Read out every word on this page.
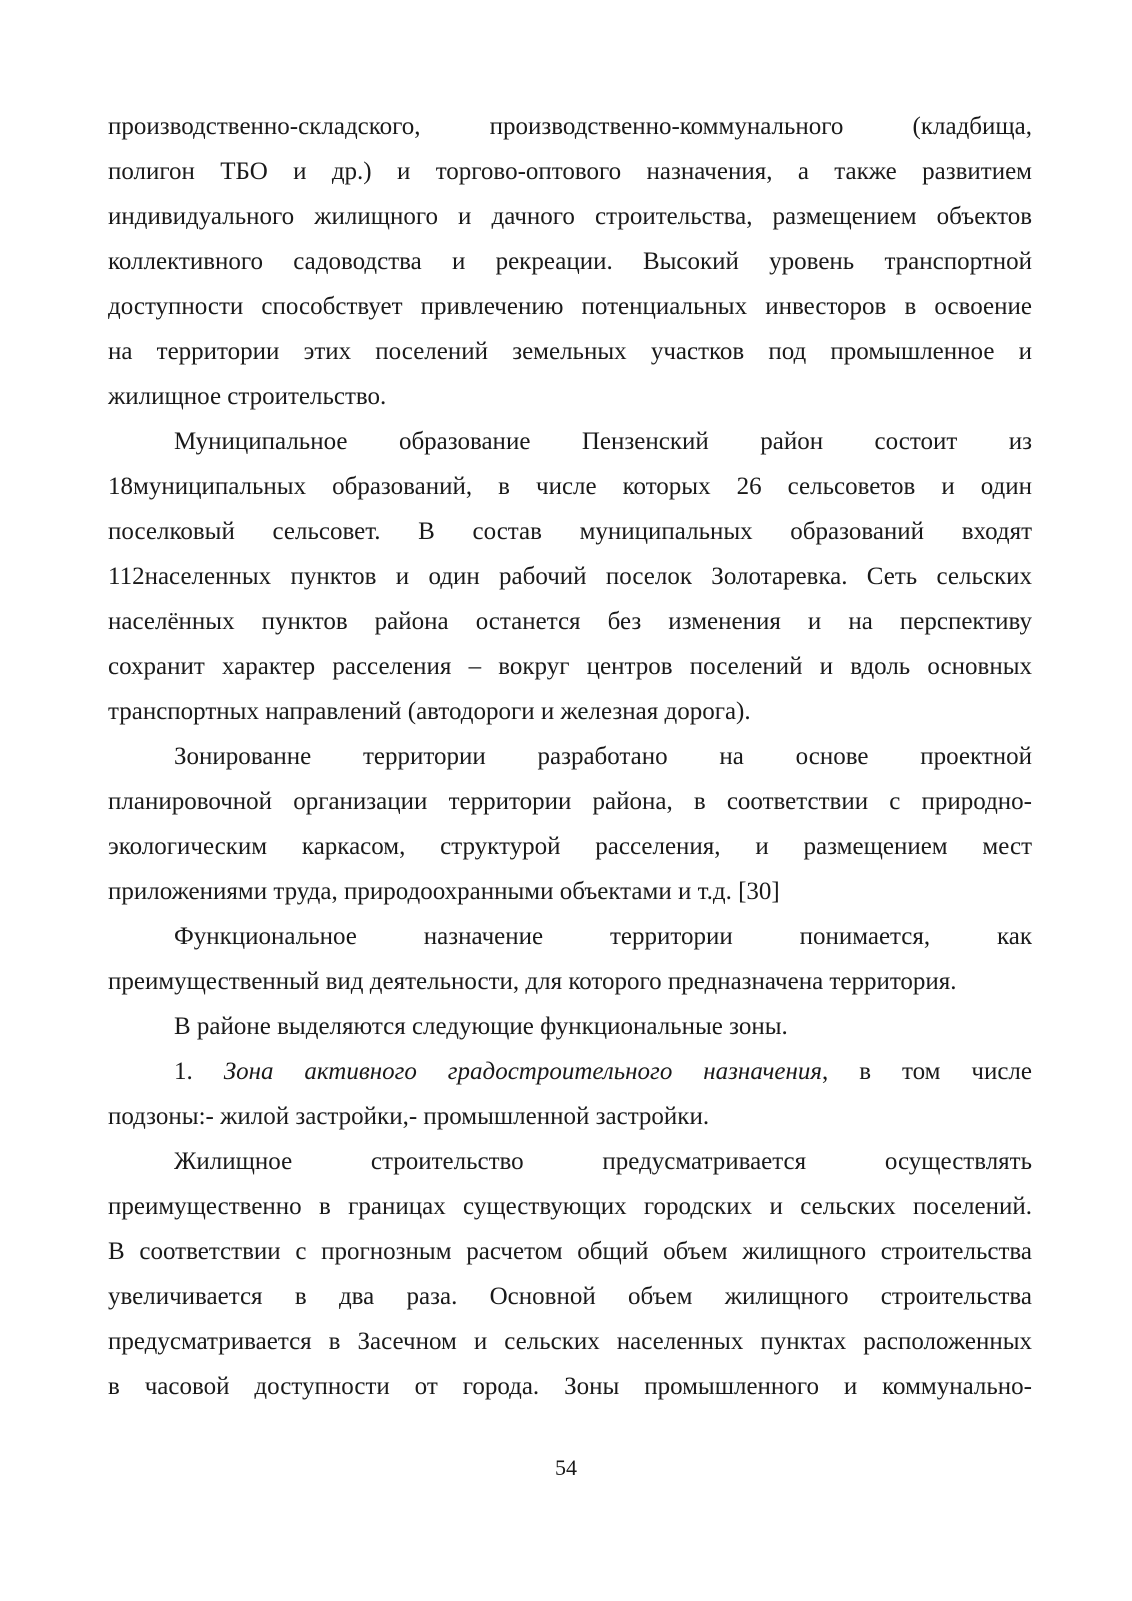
производственно-складского, производственно-коммунального (кладбища,
полигон ТБО и др.) и торгово-оптового назначения, а также развитием
индивидуального жилищного и дачного строительства, размещением объектов
коллективного садоводства и рекреации. Высокий уровень транспортной
доступности способствует привлечению потенциальных инвесторов в освоение
на территории этих поселений земельных участков под промышленное и
жилищное строительство.
Муниципальное образование Пензенский район состоит из
18муниципальных образований, в числе которых 26 сельсоветов и один
поселковый сельсовет. В состав муниципальных образований входят
112населенных пунктов и один рабочий поселок Золотаревка. Сеть сельских
населённых пунктов района останется без изменения и на перспективу
сохранит характер расселения – вокруг центров поселений и вдоль основных
транспортных направлений (автодороги и железная дорога).
Зонированне территории разработано на основе проектной
планировочной организации территории района, в соответствии с природно-
экологическим каркасом, структурой расселения, и размещением мест
приложениями труда, природоохранными объектами и т.д. [30]
Функциональное назначение территории понимается, как
преимущественный вид деятельности, для которого предназначена территория.
В районе выделяются следующие функциональные зоны.
1. Зона активного градостроительного назначения, в том числе
подзоны:- жилой застройки,- промышленной застройки.
Жилищное строительство предусматривается осуществлять
преимущественно в границах существующих городских и сельских поселений.
В соответствии с прогнозным расчетом общий объем жилищного строительства
увеличивается в два раза. Основной объем жилищного строительства
предусматривается в Засечном и сельских населенных пунктах расположенных
в часовой доступности от города. Зоны промышленного и коммунально-
54
